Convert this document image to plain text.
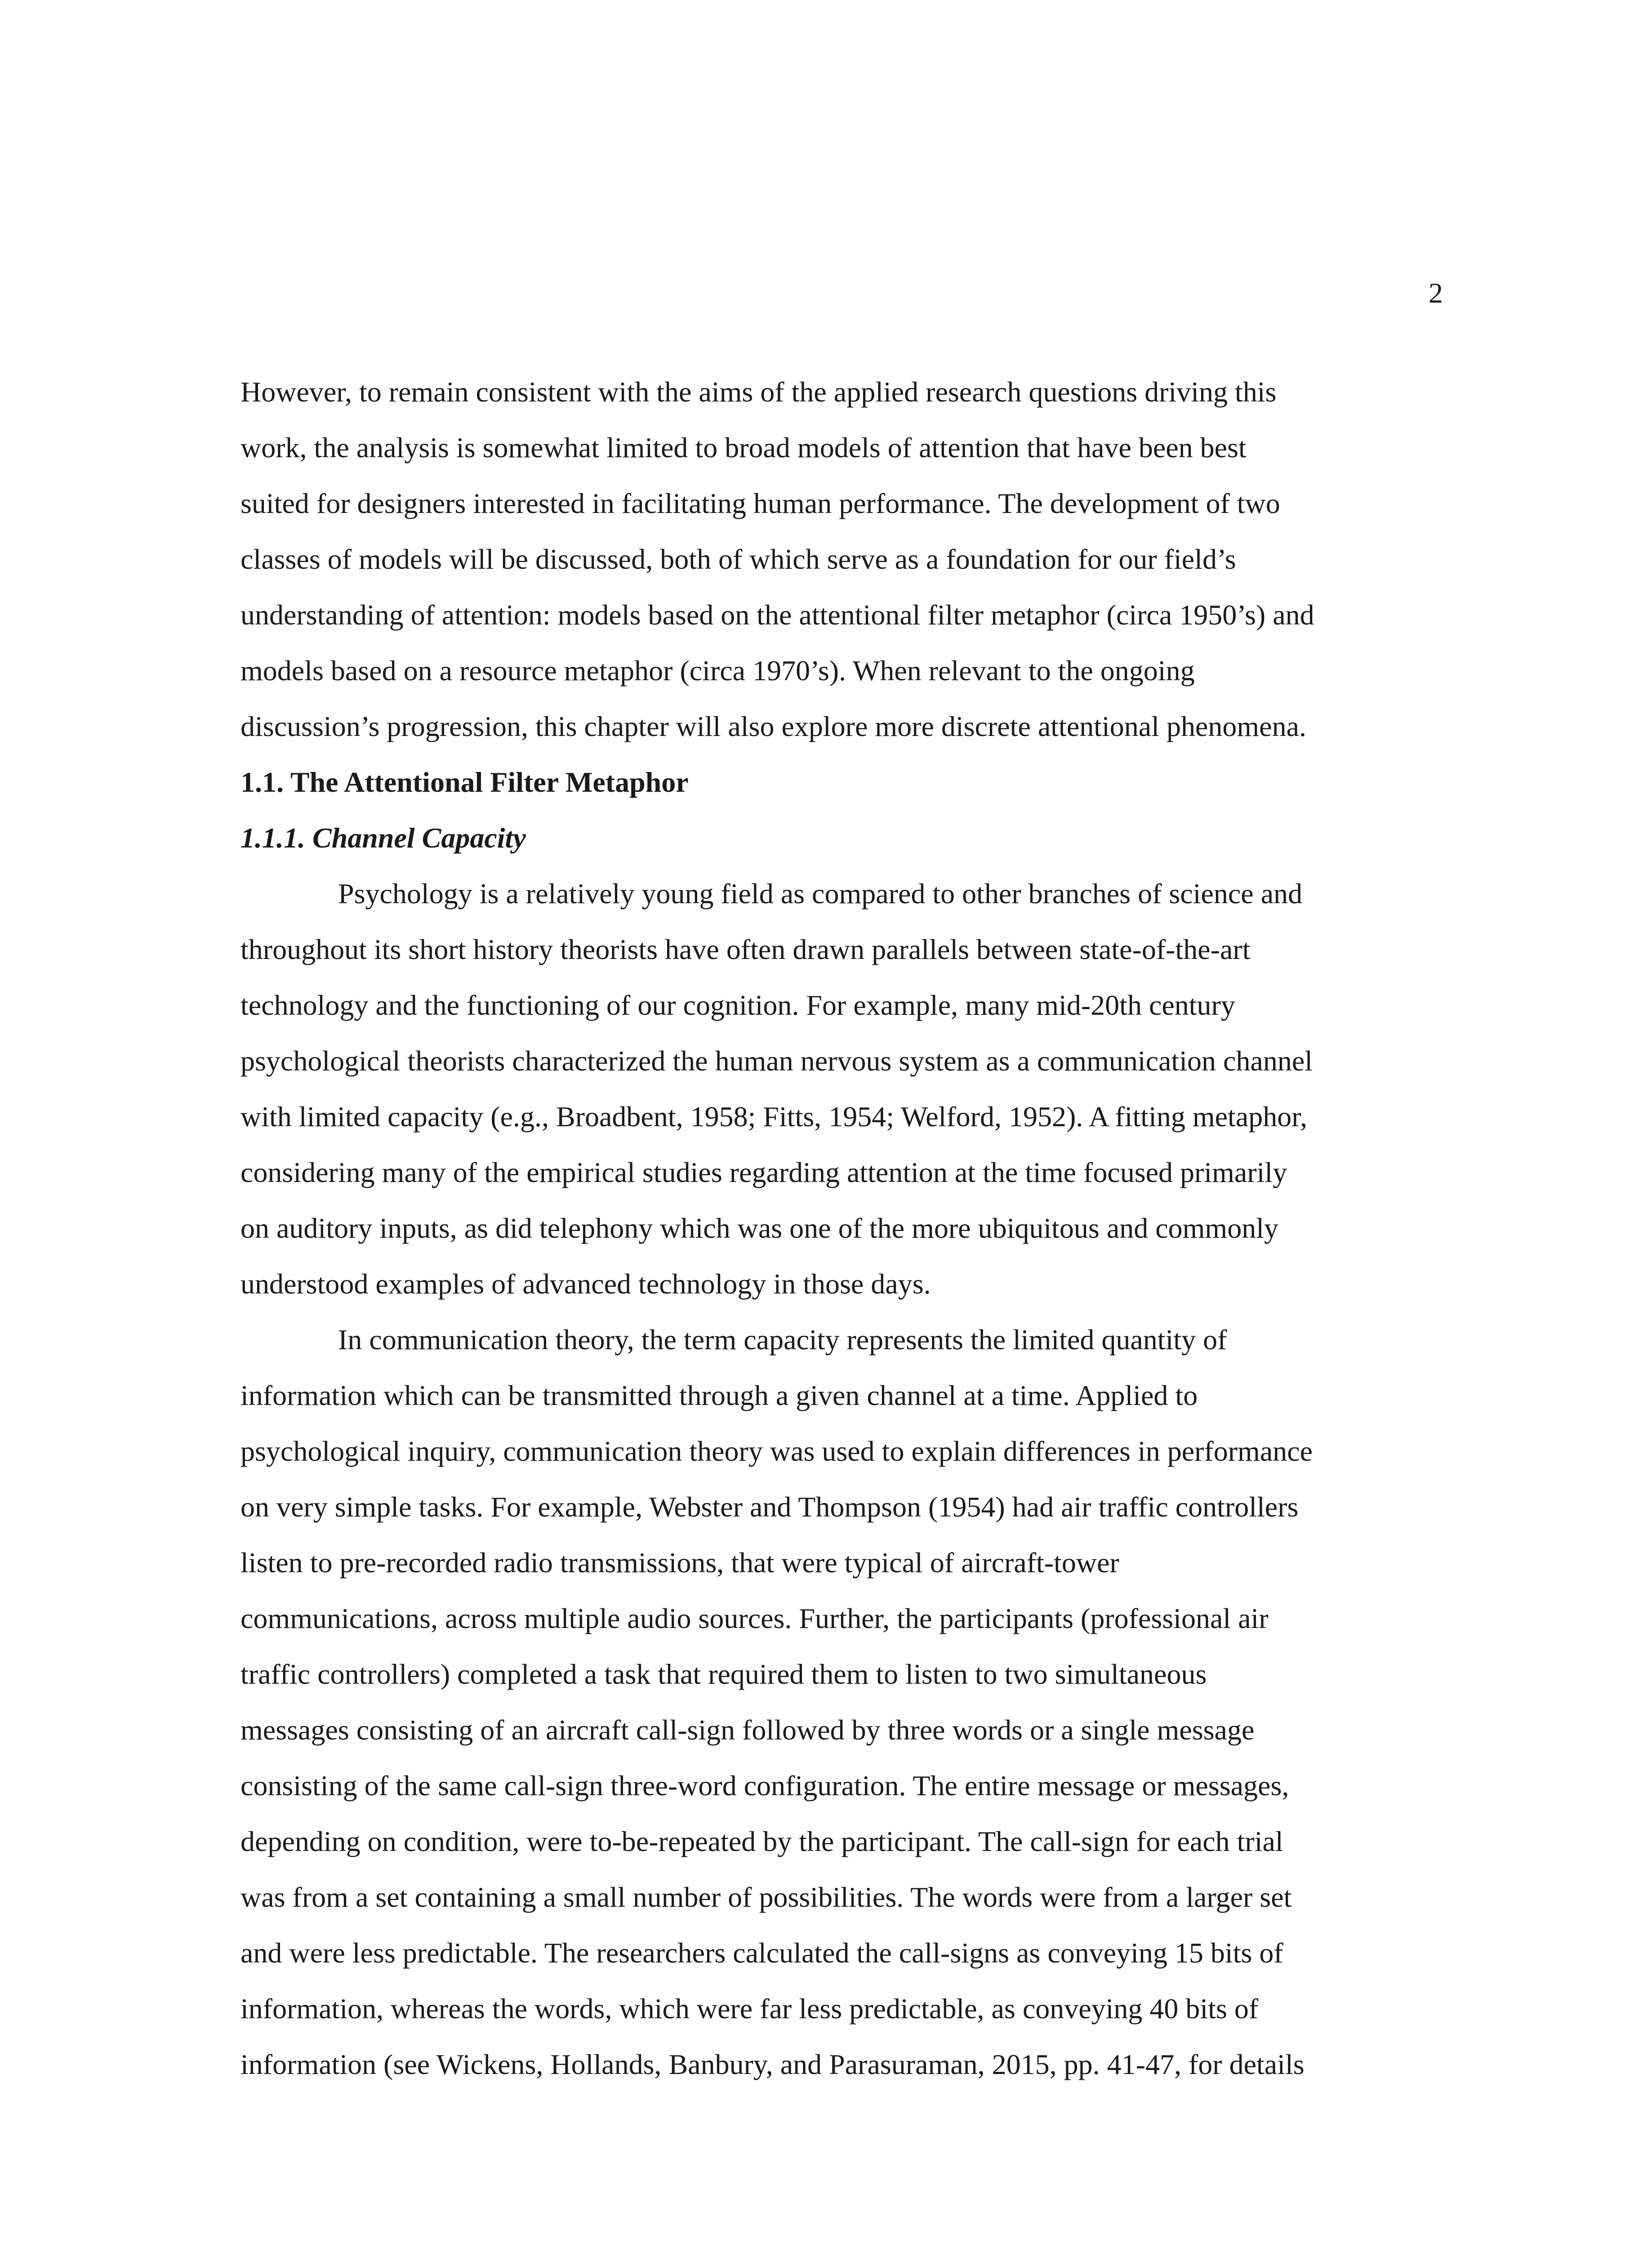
2
However, to remain consistent with the aims of the applied research questions driving this
work, the analysis is somewhat limited to broad models of attention that have been best
suited for designers interested in facilitating human performance. The development of two
classes of models will be discussed, both of which serve as a foundation for our field’s
understanding of attention: models based on the attentional filter metaphor (circa 1950’s) and
models based on a resource metaphor (circa 1970’s). When relevant to the ongoing
discussion’s progression, this chapter will also explore more discrete attentional phenomena.
1.1. The Attentional Filter Metaphor
1.1.1. Channel Capacity
Psychology is a relatively young field as compared to other branches of science and
throughout its short history theorists have often drawn parallels between state-of-the-art
technology and the functioning of our cognition. For example, many mid-20th century
psychological theorists characterized the human nervous system as a communication channel
with limited capacity (e.g., Broadbent, 1958; Fitts, 1954; Welford, 1952). A fitting metaphor,
considering many of the empirical studies regarding attention at the time focused primarily
on auditory inputs, as did telephony which was one of the more ubiquitous and commonly
understood examples of advanced technology in those days.
In communication theory, the term capacity represents the limited quantity of
information which can be transmitted through a given channel at a time. Applied to
psychological inquiry, communication theory was used to explain differences in performance
on very simple tasks. For example, Webster and Thompson (1954) had air traffic controllers
listen to pre-recorded radio transmissions, that were typical of aircraft-tower
communications, across multiple audio sources. Further, the participants (professional air
traffic controllers) completed a task that required them to listen to two simultaneous
messages consisting of an aircraft call-sign followed by three words or a single message
consisting of the same call-sign three-word configuration. The entire message or messages,
depending on condition, were to-be-repeated by the participant. The call-sign for each trial
was from a set containing a small number of possibilities. The words were from a larger set
and were less predictable. The researchers calculated the call-signs as conveying 15 bits of
information, whereas the words, which were far less predictable, as conveying 40 bits of
information (see Wickens, Hollands, Banbury, and Parasuraman, 2015, pp. 41-47, for details
